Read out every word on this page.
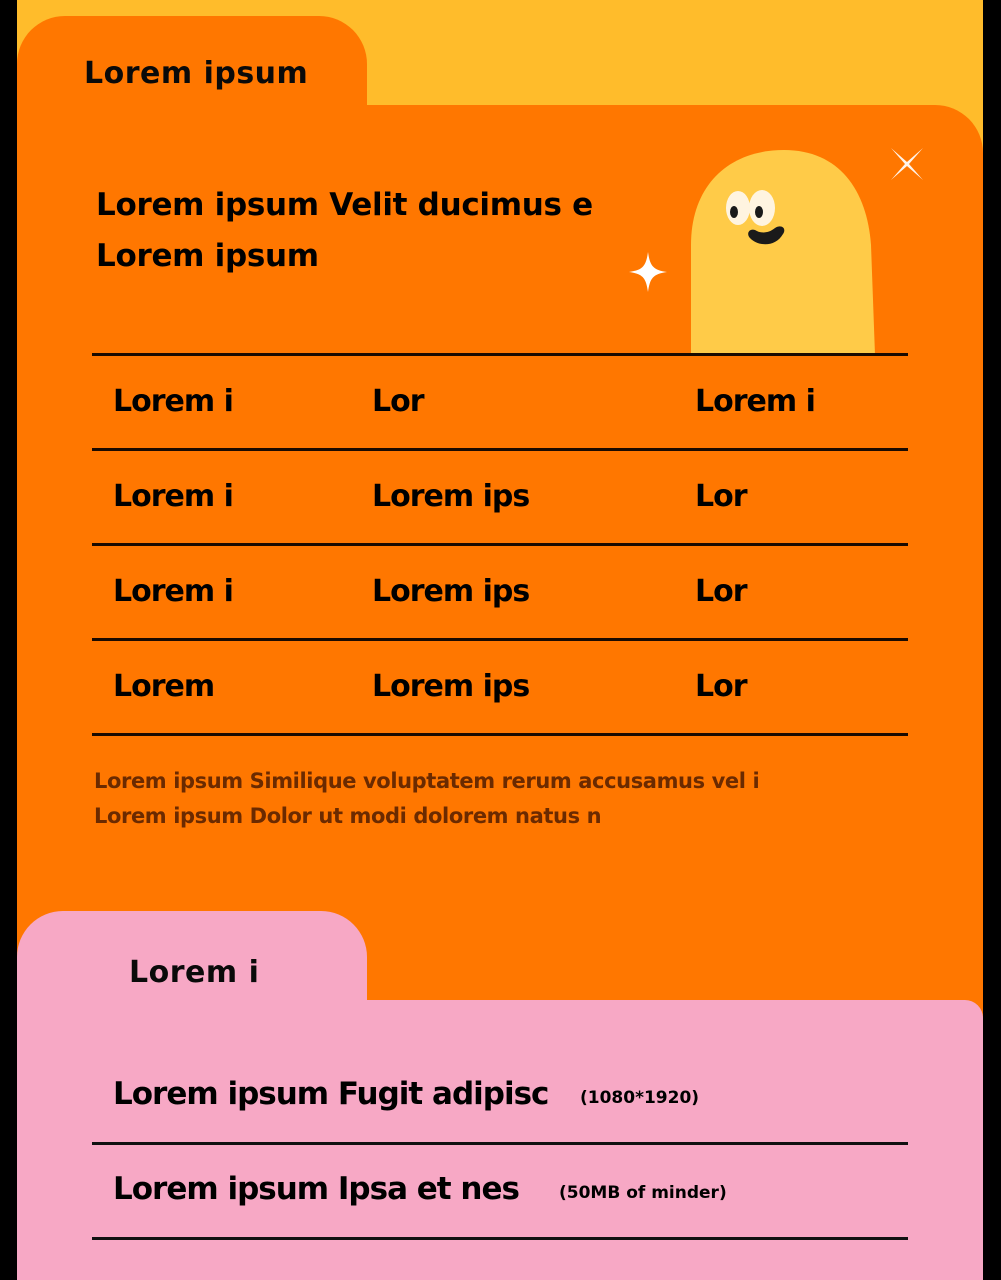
Lorem ipsum
Lorem ipsum Velit ducimus e
Lorem ipsum
Lorem i	Lor	Lorem i
Lorem i	Lorem ips	Lor
Lorem i	Lorem ips	Lor
Lorem	Lorem ips	Lor
Lorem ipsum Similique voluptatem rerum accusamus vel i
Lorem ipsum Dolor ut modi dolorem natus n
Lorem i
Lorem ipsum Fugit adipisc (1080*1920)
Lorem ipsum Ipsa et nes (50MB of minder)
